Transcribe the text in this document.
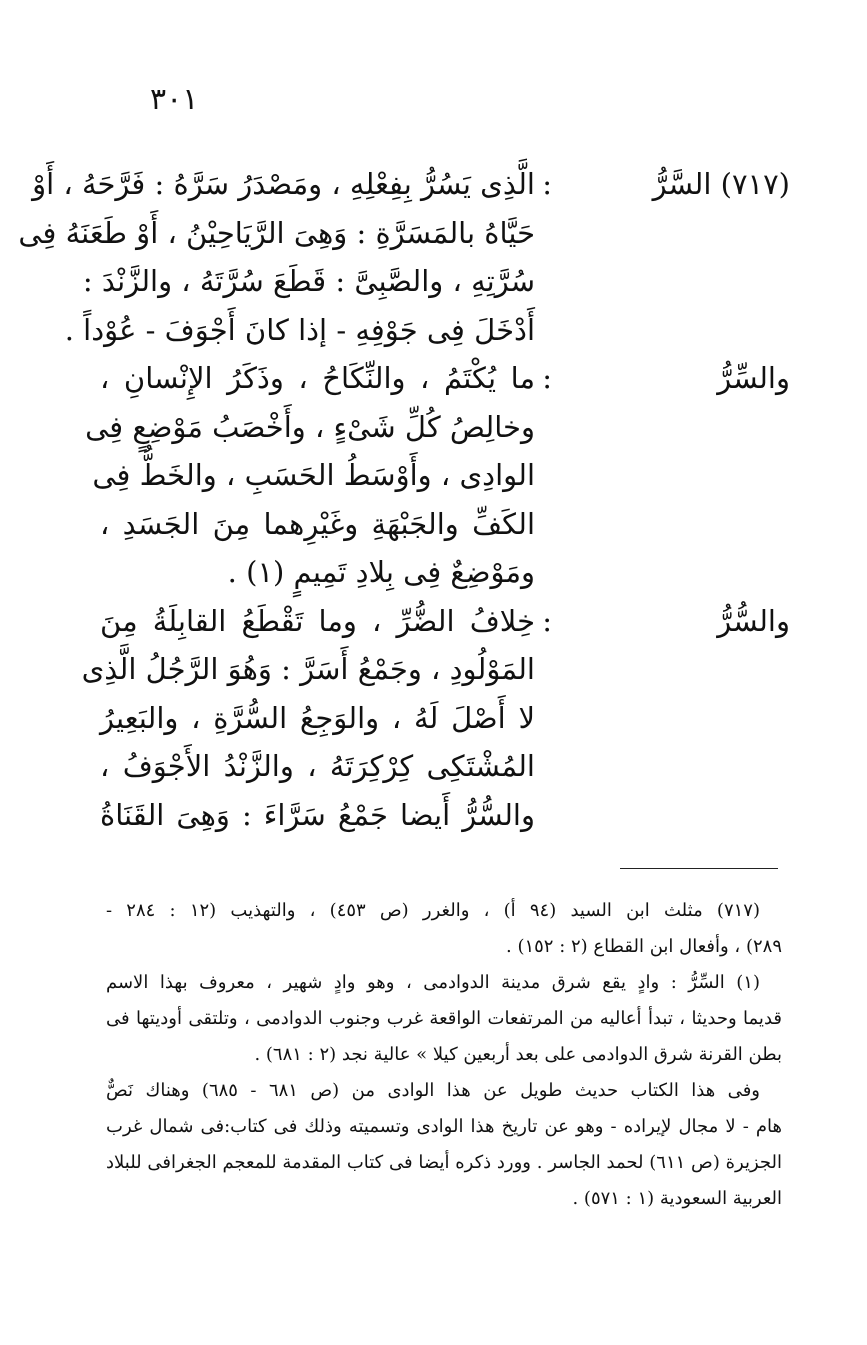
٣٠١
(٧١٧) السَّرُّ
:
الَّذِى يَسُرُّ بِفِعْلِهِ ، ومَصْدَرُ سَرَّهُ : فَرَّحَهُ ، أَوْ
حَيَّاهُ بالمَسَرَّةِ : وَهِىَ الرَّيَاحِيْنُ ، أَوْ طَعَنَهُ فِى
سُرَّتِهِ ، والصَّبِىَّ : قَطَعَ سُرَّتَهُ ، والزَّنْدَ :
أَدْخَلَ فِى جَوْفِهِ - إذا كانَ أَجْوَفَ - عُوْداً .
والسِّرُّ
:
ما يُكْتَمُ ، والنِّكَاحُ ، وذَكَرُ الإِنْسانِ ،
وخالِصُ كُلِّ شَىْءٍ ، وأَخْصَبُ مَوْضِعٍ فِى
الوادِى ، وأَوْسَطُ الحَسَبِ ، والخَطُّ فِى
الكَفِّ والجَبْهَةِ وغَيْرِهما مِنَ الجَسَدِ ،
ومَوْضِعٌ فِى بِلادِ تَمِيمٍ (١) .
والسُّرُّ
:
خِلافُ الضُّرِّ ، وما تَقْطَعُ القابِلَةُ مِنَ
المَوْلُودِ ، وجَمْعُ أَسَرَّ : وَهُوَ الرَّجُلُ الَّذِى
لا أَصْلَ لَهُ ، والوَجِعُ السُّرَّةِ ، والبَعِيرُ
المُشْتَكِى كِرْكِرَتَهُ ، والزَّنْدُ الأَجْوَفُ ،
والسُّرُّ أَيضا جَمْعُ سَرَّاءَ : وَهِىَ القَنَاةُ
(٧١٧) مثلث ابن السيد (٩٤ أ) ، والغرر (ص ٤٥٣) ، والتهذيب (١٢ : ٢٨٤ -
٢٨٩) ، وأفعال ابن القطاع (٢ : ١٥٢) .
(١) السِّرُّ : وادٍ يقع شرق مدينة الدوادمى ، وهو وادٍ شهير ، معروف بهذا الاسم
قديما وحديثا ، تبدأ أعاليه من المرتفعات الواقعة غرب وجنوب الدوادمى ، وتلتقى أوديتها فى
بطن القرنة شرق الدوادمى على بعد أربعين كيلا » عالية نجد (٢ : ٦٨١) .
وفى هذا الكتاب حديث طويل عن هذا الوادى من (ص ٦٨١ - ٦٨٥) وهناك نَصٌّ
هام - لا مجال لإيراده - وهو عن تاريخ هذا الوادى وتسميته وذلك فى كتاب:فى شمال غرب
الجزيرة (ص ٦١١) لحمد الجاسر . وورد ذكره أيضا فى كتاب المقدمة للمعجم الجغرافى للبلاد
العربية السعودية (١ : ٥٧١) .
